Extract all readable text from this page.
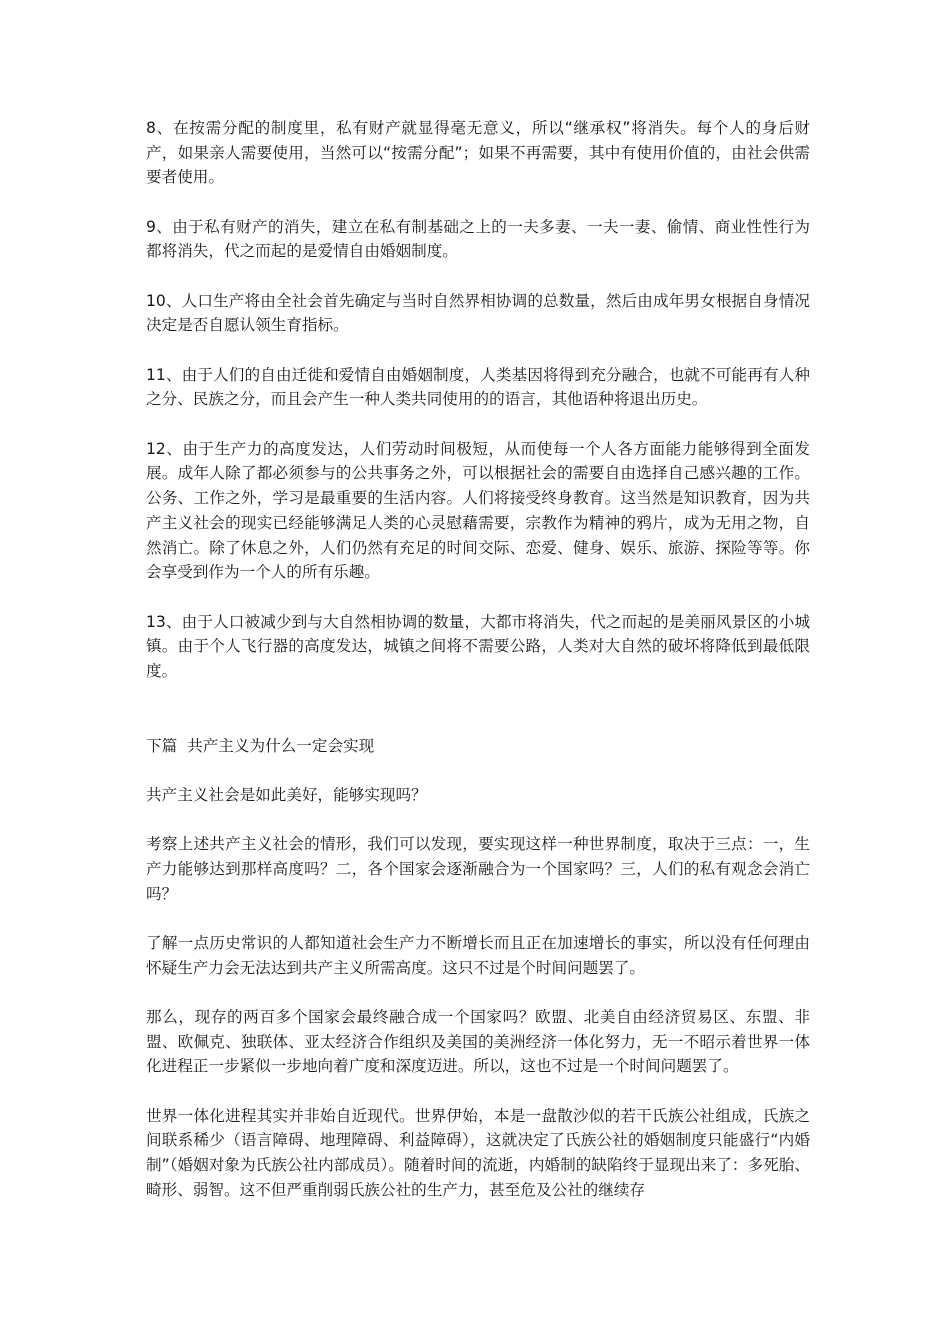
8、在按需分配的制度里，私有财产就显得毫无意义，所以“继承权”将消失。每个人的身后财产，如果亲人需要使用，当然可以“按需分配”；如果不再需要，其中有使用价值的，由社会供需要者使用。

9、由于私有财产的消失，建立在私有制基础之上的一夫多妻、一夫一妻、偷情、商业性性行为都将消失，代之而起的是爱情自由婚姻制度。

10、人口生产将由全社会首先确定与当时自然界相协调的总数量，然后由成年男女根据自身情况决定是否自愿认领生育指标。

11、由于人们的自由迁徙和爱情自由婚姻制度，人类基因将得到充分融合，也就不可能再有人种之分、民族之分，而且会产生一种人类共同使用的的语言，其他语种将退出历史。

12、由于生产力的高度发达，人们劳动时间极短，从而使每一个人各方面能力能够得到全面发展。成年人除了都必须参与的公共事务之外，可以根据社会的需要自由选择自己感兴趣的工作。公务、工作之外，学习是最重要的生活内容。人们将接受终身教育。这当然是知识教育，因为共产主义社会的现实已经能够满足人类的心灵慰藉需要，宗教作为精神的鸦片，成为无用之物，自然消亡。除了休息之外，人们仍然有充足的时间交际、恋爱、健身、娱乐、旅游、探险等等。你会享受到作为一个人的所有乐趣。

13、由于人口被减少到与大自然相协调的数量，大都市将消失，代之而起的是美丽风景区的小城镇。由于个人飞行器的高度发达，城镇之间将不需要公路，人类对大自然的破坏将降低到最低限度。

下篇  共产主义为什么一定会实现

共产主义社会是如此美好，能够实现吗？

考察上述共产主义社会的情形，我们可以发现，要实现这样一种世界制度，取决于三点：一，生产力能够达到那样高度吗？二，各个国家会逐渐融合为一个国家吗？三，人们的私有观念会消亡吗？

了解一点历史常识的人都知道社会生产力不断增长而且正在加速增长的事实，所以没有任何理由怀疑生产力会无法达到共产主义所需高度。这只不过是个时间问题罢了。

那么，现存的两百多个国家会最终融合成一个国家吗？欧盟、北美自由经济贸易区、东盟、非盟、欧佩克、独联体、亚太经济合作组织及美国的美洲经济一体化努力，无一不昭示着世界一体化进程正一步紧似一步地向着广度和深度迈进。所以，这也不过是一个时间问题罢了。

世界一体化进程其实并非始自近现代。世界伊始，本是一盘散沙似的若干氏族公社组成，氏族之间联系稀少（语言障碍、地理障碍、利益障碍），这就决定了氏族公社的婚姻制度只能盛行“内婚制”（婚姻对象为氏族公社内部成员）。随着时间的流逝，内婚制的缺陷终于显现出来了：多死胎、畸形、弱智。这不但严重削弱氏族公社的生产力，甚至危及公社的继续存
